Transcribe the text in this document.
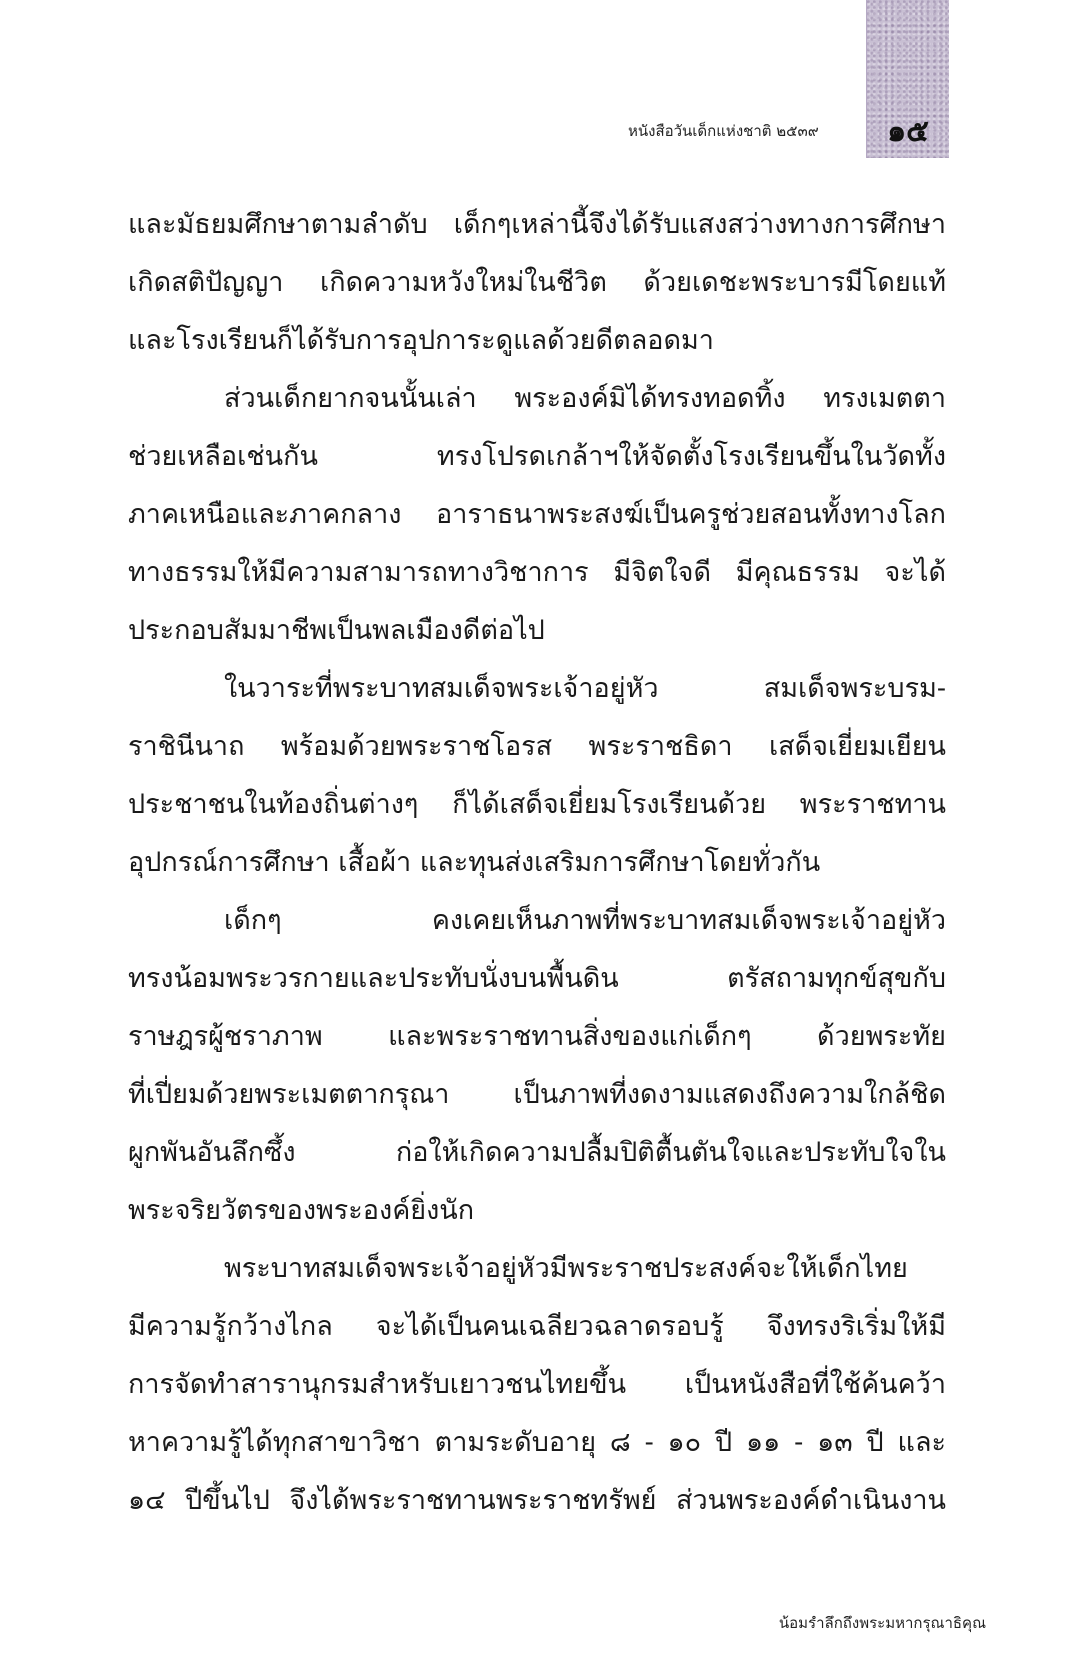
หนังสือวันเด็กแห่งชาติ ๒๕๓๙	๑๕
และมัธยมศึกษาตามลำดับ เด็กๆเหล่านี้จึงได้รับแสงสว่างทางการศึกษา
เกิดสติปัญญา เกิดความหวังใหม่ในชีวิต ด้วยเดชะพระบารมีโดยแท้
และโรงเรียนก็ได้รับการอุปการะดูแลด้วยดีตลอดมา
ส่วนเด็กยากจนนั้นเล่า พระองค์มิได้ทรงทอดทิ้ง ทรงเมตตา
ช่วยเหลือเช่นกัน ทรงโปรดเกล้าฯให้จัดตั้งโรงเรียนขึ้นในวัดทั้ง
ภาคเหนือและภาคกลาง อาราธนาพระสงฆ์เป็นครูช่วยสอนทั้งทางโลก
ทางธรรมให้มีความสามารถทางวิชาการ มีจิตใจดี มีคุณธรรม จะได้
ประกอบสัมมาชีพเป็นพลเมืองดีต่อไป
ในวาระที่พระบาทสมเด็จพระเจ้าอยู่หัว สมเด็จพระบรม-
ราชินีนาถ พร้อมด้วยพระราชโอรส พระราชธิดา เสด็จเยี่ยมเยียน
ประชาชนในท้องถิ่นต่างๆ ก็ได้เสด็จเยี่ยมโรงเรียนด้วย พระราชทาน
อุปกรณ์การศึกษา เสื้อผ้า และทุนส่งเสริมการศึกษาโดยทั่วกัน
เด็กๆ คงเคยเห็นภาพที่พระบาทสมเด็จพระเจ้าอยู่หัว
ทรงน้อมพระวรกายและประทับนั่งบนพื้นดิน ตรัสถามทุกข์สุขกับ
ราษฎรผู้ชราภาพ และพระราชทานสิ่งของแก่เด็กๆ ด้วยพระทัย
ที่เปี่ยมด้วยพระเมตตากรุณา เป็นภาพที่งดงามแสดงถึงความใกล้ชิด
ผูกพันอันลึกซึ้ง ก่อให้เกิดความปลื้มปิติตื้นตันใจและประทับใจใน
พระจริยวัตรของพระองค์ยิ่งนัก
พระบาทสมเด็จพระเจ้าอยู่หัวมีพระราชประสงค์จะให้เด็กไทย
มีความรู้กว้างไกล จะได้เป็นคนเฉลียวฉลาดรอบรู้ จึงทรงริเริ่มให้มี
การจัดทำสารานุกรมสำหรับเยาวชนไทยขึ้น เป็นหนังสือที่ใช้ค้นคว้า
หาความรู้ได้ทุกสาขาวิชา ตามระดับอายุ ๘ - ๑๐ ปี ๑๑ - ๑๓ ปี และ
๑๔ ปีขึ้นไป จึงได้พระราชทานพระราชทรัพย์ ส่วนพระองค์ดำเนินงาน
น้อมรำลึกถึงพระมหากรุณาธิคุณ
